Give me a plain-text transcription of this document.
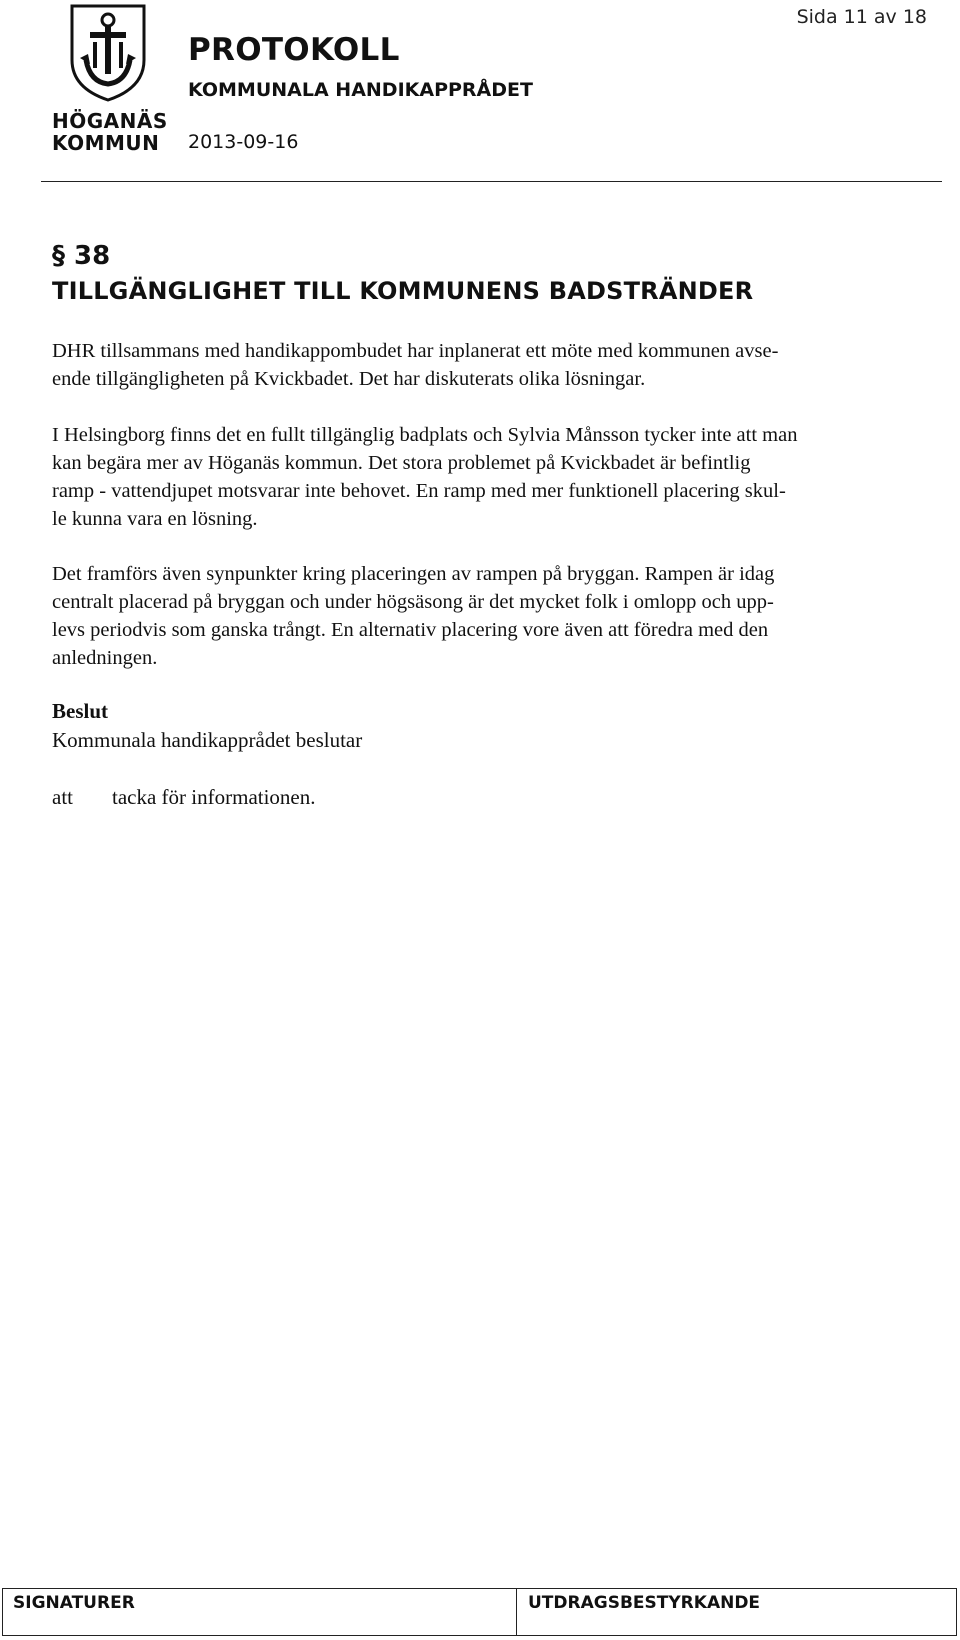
HÖGANÄS
KOMMUN
Sida 11 av 18
PROTOKOLL
KOMMUNALA HANDIKAPPRÅDET
2013-09-16
§ 38
TILLGÄNGLIGHET TILL KOMMUNENS BADSTRÄNDER

DHR tillsammans med handikappombudet har inplanerat ett möte med kommunen avse-
ende tillgängligheten på Kvickbadet. Det har diskuterats olika lösningar.

I Helsingborg finns det en fullt tillgänglig badplats och Sylvia Månsson tycker inte att man
kan begära mer av Höganäs kommun. Det stora problemet på Kvickbadet är befintlig
ramp - vattendjupet motsvarar inte behovet. En ramp med mer funktionell placering skul-
le kunna vara en lösning.

Det framförs även synpunkter kring placeringen av rampen på bryggan. Rampen är idag
centralt placerad på bryggan och under högsäsong är det mycket folk i omlopp och upp-
levs periodvis som ganska trångt. En alternativ placering vore även att föredra med den
anledningen.

Beslut
Kommunala handikapprådet beslutar
att tacka för informationen.
SIGNATURER	UTDRAGSBESTYRKANDE
